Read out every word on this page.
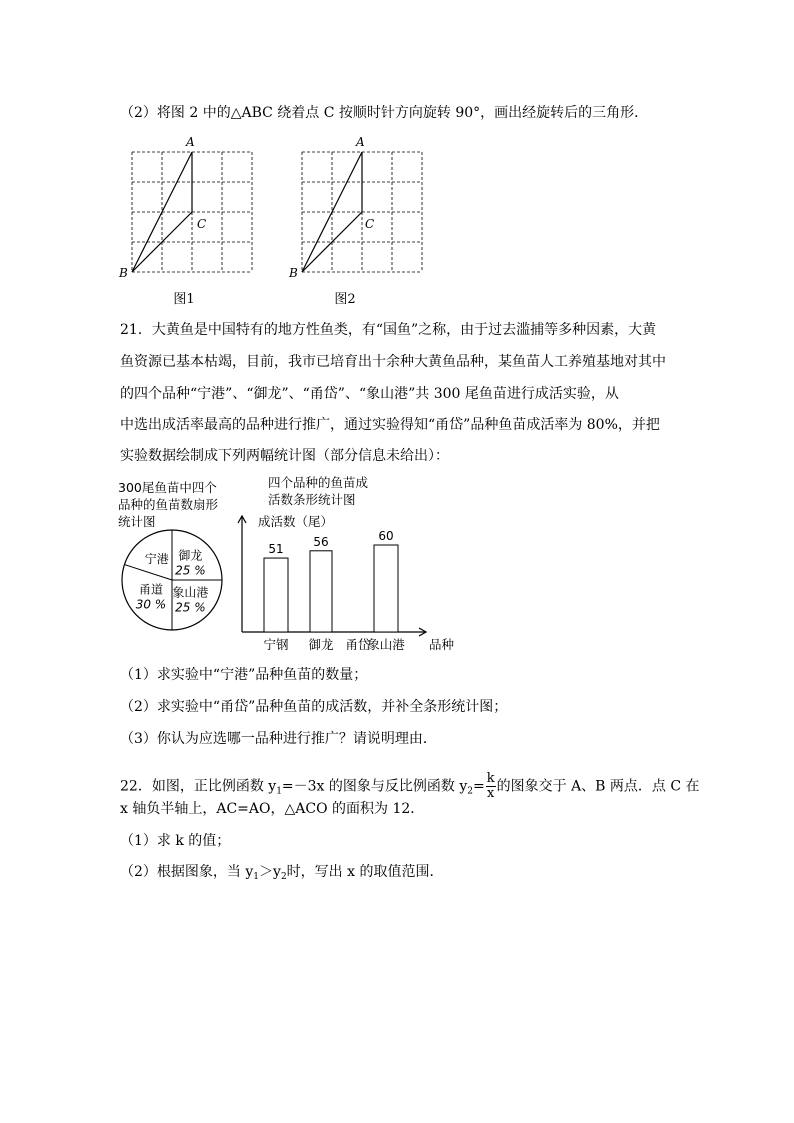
（2）将图 2 中的△ABC 绕着点 C 按顺时针方向旋转 90°，画出经旋转后的三角形．
A
C
B
图1
A
C
B
图2
21．大黄鱼是中国特有的地方性鱼类，有“国鱼”之称，由于过去滥捕等多种因素，大黄
鱼资源已基本枯竭，目前，我市已培育出十余种大黄鱼品种，某鱼苗人工养殖基地对其中
的四个品种“宁港”、“御龙”、“甬岱”、“象山港”共 300 尾鱼苗进行成活实验，从
中选出成活率最高的品种进行推广，通过实验得知“甬岱”品种鱼苗成活率为 80%，并把
实验数据绘制成下列两幅统计图（部分信息未给出）：
300尾鱼苗中四个
品种的鱼苗数扇形
统计图
四个品种的鱼苗成
活数条形统计图
御龙
25 %
象山港
25 %
甬道
30 %
宁港
成活数（尾）
品种
51
宁钢
56
御龙 甬岱
60
象山港
（1）求实验中“宁港”品种鱼苗的数量；
（2）求实验中“甬岱”品种鱼苗的成活数，并补全条形统计图；
（3）你认为应选哪一品种进行推广？请说明理由．
22．如图，正比例函数 $y_1=-3x$ 的图象与反比例函数 $y_2= \frac{k}{x}$ 的图象交于 A、B 两点．点 C 在
x 轴负半轴上，AC=AO，△ACO 的面积为 12．
（1）求 k 的值；
（2）根据图象，当 $y_1>y_2$时，写出 x 的取值范围．
